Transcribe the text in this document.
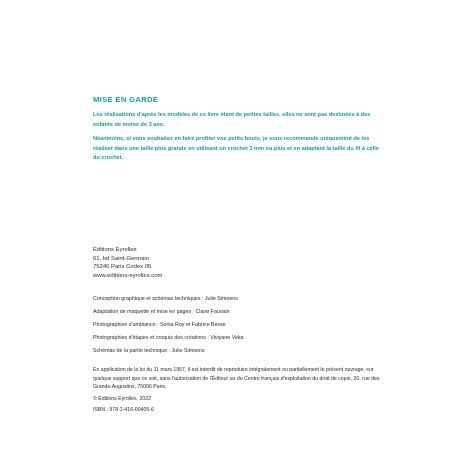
MISE EN GARDE

Les réalisations d'après les modèles de ce livre étant de petites tailles, elles ne sont pas destinées à des enfants de moins de 3 ans.

Néanmoins, si vous souhaitez en faire profiter vos petits bouts, je vous recommande uniquement de les réaliser dans une taille plus grande en utilisant un crochet 3 mm ou plus et en adaptant la taille du fil à celle du crochet.

Éditions Eyrolles
61, bd Saint-Germain
75240 Paris Cedex 05
www.editions-eyrolles.com
Conception graphique et schémas techniques : Julie Simoens
Adaptation de maquette et mise en pages : Claire Fauvain
Photographies d'ambiance : Sonia Roy et Fabrice Besse
Photographies d'étapes et croquis des créations : Viviyane Veka
Schémas de la partie technique : Julie Simoens

En application de la loi du 11 mars 1957, il est interdit de reproduire intégralement ou partiellement le présent ouvrage, sur quelque support que ce soit, sans l'autorisation de l'Éditeur ou du Centre français d'exploitation du droit de copie, 20, rue des Grands-Augustins, 75006 Paris.

© Éditions Eyrolles, 2022
ISBN : 978-2-416-00405-6
